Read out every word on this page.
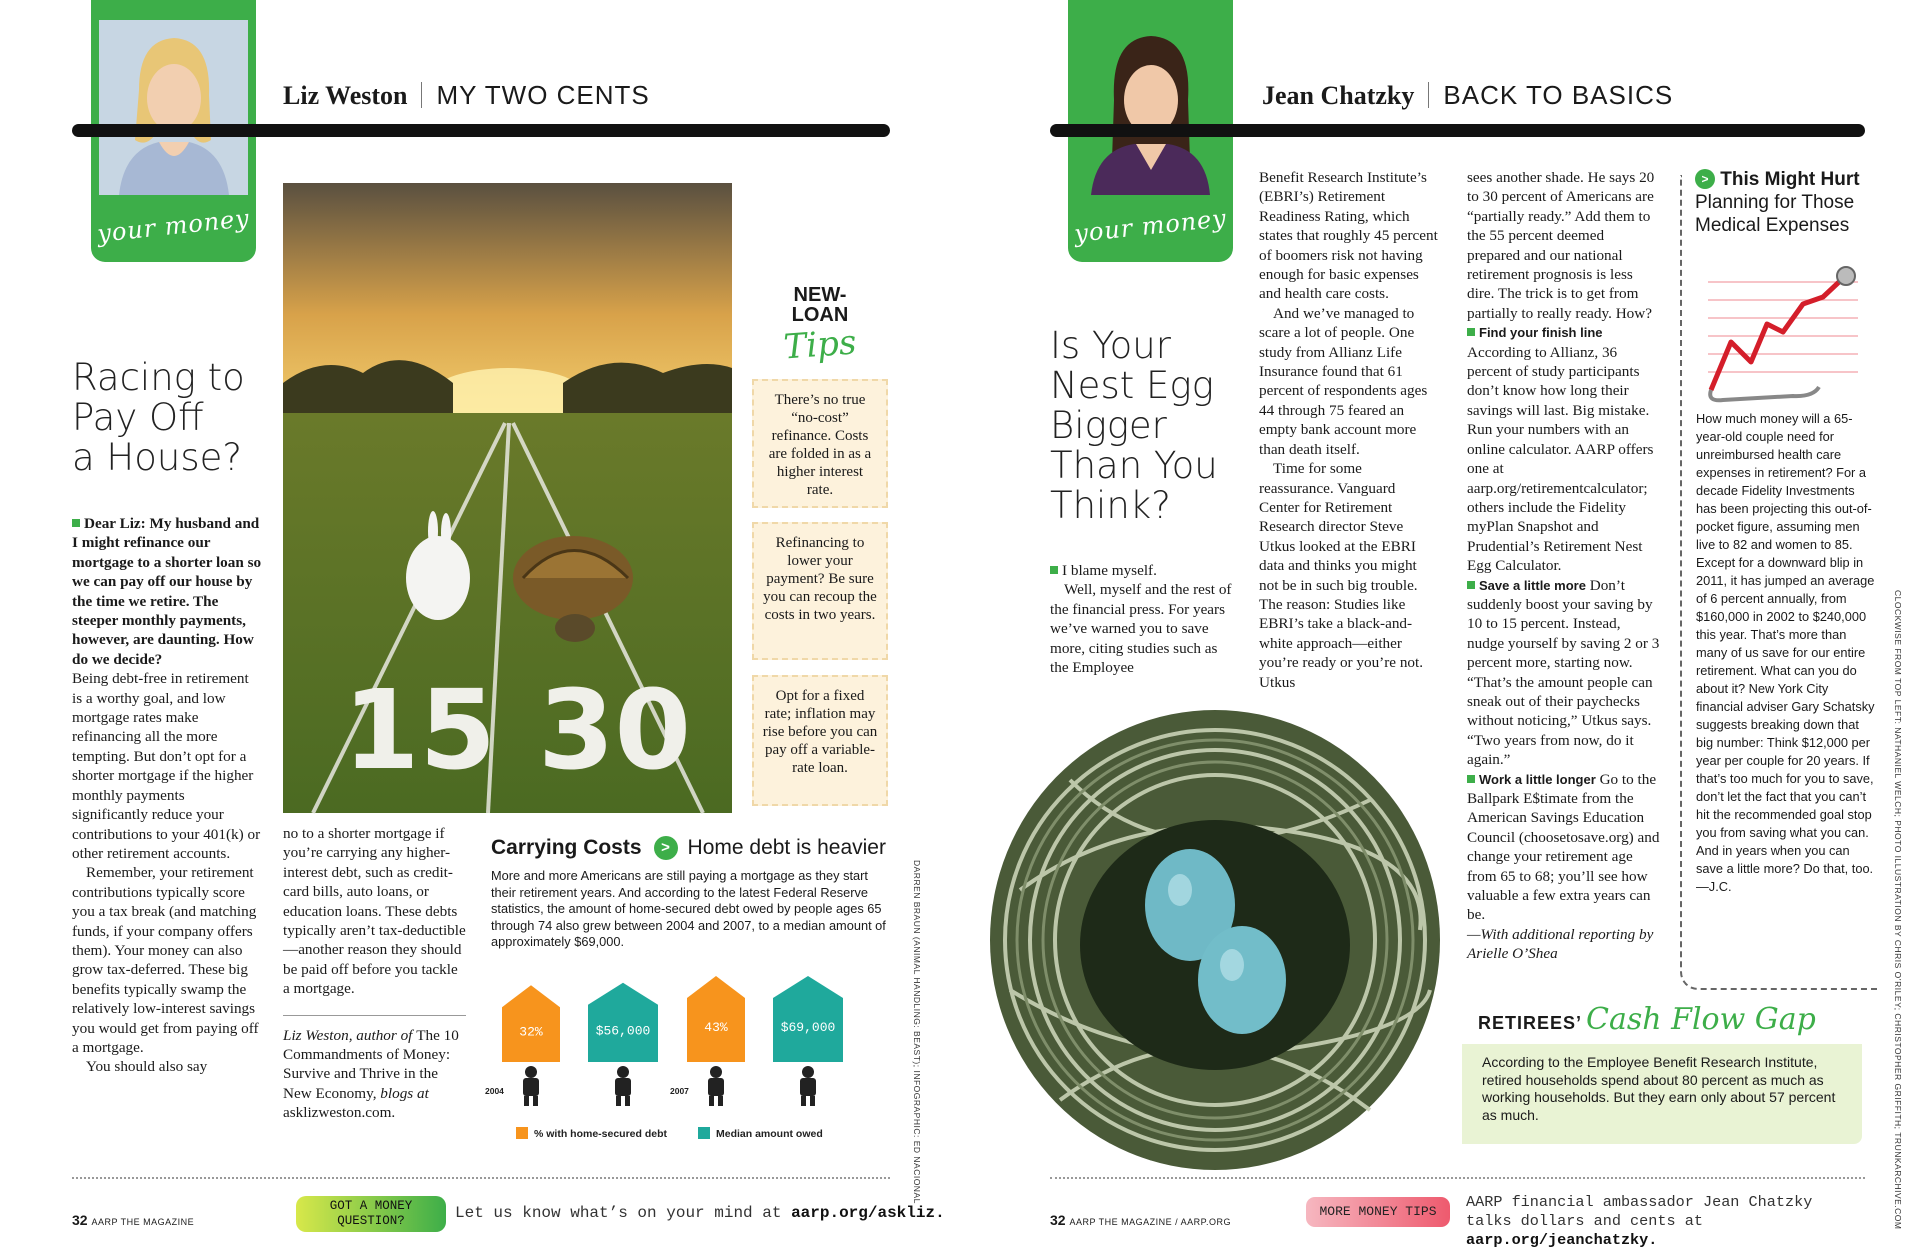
your money
Liz Weston MY TWO CENTS
Racing to
Pay Off
a House?

Dear Liz: My husband and I might refinance our mortgage to a shorter loan so we can pay off our house by the time we retire. The steeper monthly payments, however, are daunting. How do we decide?

Being debt-free in retirement is a worthy goal, and low mortgage rates make refinancing all the more tempting. But don’t opt for a shorter mortgage if the higher monthly payments significantly reduce your contributions to your 401(k) or other retirement accounts.

Remember, your retirement contributions typically score you a tax break (and matching funds, if your company offers them). Your money can also grow tax-deferred. These big benefits typically swamp the relatively low-interest savings you would get from paying off a mortgage.

You should also say

no to a shorter mortgage if you’re carrying any higher-interest debt, such as credit-card bills, auto loans, or education loans. These debts typically aren’t tax-deductible—another reason they should be paid off before you tackle a mortgage.

Liz Weston, author of The 10 Commandments of Money: Survive and Thrive in the New Economy, blogs at asklizweston.com.

15 30
NEW-
LOAN
Tips
There’s no true “no-cost” refinance. Costs are folded in as a higher interest rate.
Refinancing to lower your payment? Be sure you can recoup the costs in two years.
Opt for a fixed rate; inflation may rise before you can pay off a variable-rate loan.
Carrying Costs > Home debt is heavier
More and more Americans are still paying a mortgage as they start their retirement years. And according to the latest Federal Reserve statistics, the amount of home-secured debt owed by people ages 65 through 74 also grew between 2004 and 2007, to a median amount of approximately $69,000.
32%	$56,000
2004
43%	$69,000
2007
% with home-secured debt	Median amount owed	DARREN BRAUN (ANIMAL HANDLING: BEAST); INFOGRAPHIC: ED NACIONAL
32 AARP THE MAGAZINE
GOT A MONEY
QUESTION?	Let us know what’s on your mind at aarp.org/askliz.
your money
Jean Chatzky BACK TO BASICS
Is Your
Nest Egg
Bigger
Than You
Think?

I blame myself.

Well, myself and the rest of the financial press. For years we’ve warned you to save more, citing studies such as the Employee

Benefit Research Institute’s (EBRI’s) Retirement Readiness Rating, which states that roughly 45 percent of boomers risk not having enough for basic expenses and health care costs.

And we’ve managed to scare a lot of people. One study from Allianz Life Insurance found that 61 percent of respondents ages 44 through 75 feared an empty bank account more than death itself.

Time for some reassurance. Vanguard Center for Retirement Research director Steve Utkus looked at the EBRI data and thinks you might not be in such big trouble. The reason: Studies like EBRI’s take a black-and-white approach—either you’re ready or you’re not. Utkus

sees another shade. He says 20 to 30 percent of Americans are “partially ready.” Add them to the 55 percent deemed prepared and our national retirement prognosis is less dire. The trick is to get from partially to really ready. How?

Find your finish line
According to Allianz, 36 percent of study participants don’t know how long their savings will last. Big mistake. Run your numbers with an online calculator. AARP offers one at aarp.org/retirementcalculator; others include the Fidelity myPlan Snapshot and Prudential’s Retirement Nest Egg Calculator.

Save a little more Don’t suddenly boost your saving by 10 to 15 percent. Instead, nudge yourself by saving 2 or 3 percent more, starting now. “That’s the amount people can sneak out of their paychecks without noticing,” Utkus says. “Two years from now, do it again.”

Work a little longer Go to the Ballpark E$timate from the American Savings Education Council (choosetosave.org) and change your retirement age from 65 to 68; you’ll see how valuable a few extra years can be.

—With additional reporting by Arielle O’Shea

> This Might Hurt Planning for Those Medical Expenses
How much money will a 65-year-old couple need for unreimbursed health care expenses in retirement? For a decade Fidelity Investments has been projecting this out-of-pocket figure, assuming men live to 82 and women to 85. Except for a downward blip in 2011, it has jumped an average of 6 percent annually, from $160,000 in 2002 to $240,000 this year. That’s more than many of us save for our entire retirement. What can you do about it? New York City financial adviser Gary Schatsky suggests breaking down that big number: Think $12,000 per year per couple for 20 years. If that’s too much for you to save, don’t let the fact that you can’t hit the recommended goal stop you from saving what you can. And in years when you can save a little more? Do that, too. —J.C.	CLOCKWISE FROM TOP LEFT: NATHANIEL WELCH; PHOTO ILLUSTRATION BY CHRIS O’RILEY; CHRISTOPHER GRIFFITH; TRUNKARCHIVE.COM
RETIREES’ Cash Flow Gap
According to the Employee Benefit Research Institute, retired households spend about 80 percent as much as working households. But they earn only about 57 percent as much.
32 AARP THE MAGAZINE / AARP.ORG
MORE MONEY TIPS
AARP financial ambassador Jean Chatzky talks dollars and cents at aarp.org/jeanchatzky.
